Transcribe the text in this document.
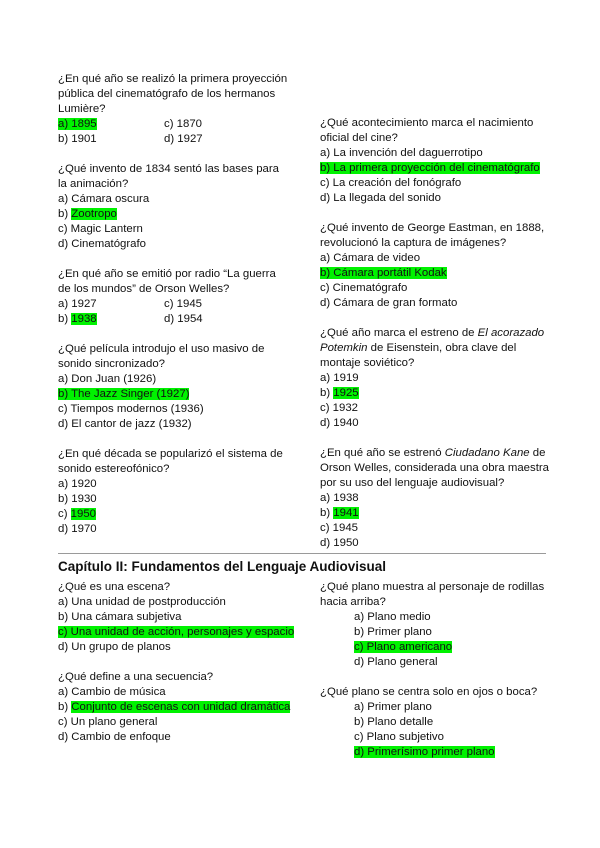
¿En qué año se realizó la primera proyección pública del cinematógrafo de los hermanos Lumière?
a) 1895	c) 1870
b) 1901	d) 1927
¿Qué invento de 1834 sentó las bases para la animación?
a) Cámara oscura
b) Zootropo
c) Magic Lantern
d) Cinematógrafo
¿En qué año se emitió por radio “La guerra de los mundos” de Orson Welles?
a) 1927	c) 1945
b) 1938	d) 1954
¿Qué película introdujo el uso masivo de sonido sincronizado?
a) Don Juan (1926)
b) The Jazz Singer (1927)
c) Tiempos modernos (1936)
d) El cantor de jazz (1932)
¿En qué década se popularizó el sistema de sonido estereofónico?
a) 1920
b) 1930
c) 1950
d) 1970
¿Qué acontecimiento marca el nacimiento oficial del cine?
a) La invención del daguerrotipo
b) La primera proyección del cinematógrafo
c) La creación del fonógrafo
d) La llegada del sonido
¿Qué invento de George Eastman, en 1888, revolucionó la captura de imágenes?
a) Cámara de video
b) Cámara portátil Kodak
c) Cinematógrafo
d) Cámara de gran formato
¿Qué año marca el estreno de El acorazado Potemkin de Eisenstein, obra clave del montaje soviético?
a) 1919
b) 1925
c) 1932
d) 1940
¿En qué año se estrenó Ciudadano Kane de Orson Welles, considerada una obra maestra por su uso del lenguaje audiovisual?
a) 1938
b) 1941
c) 1945
d) 1950
Capítulo II: Fundamentos del Lenguaje Audiovisual
¿Qué es una escena?
a) Una unidad de postproducción
b) Una cámara subjetiva
c) Una unidad de acción, personajes y espacio
d) Un grupo de planos
¿Qué define a una secuencia?
a) Cambio de música
b) Conjunto de escenas con unidad dramática
c) Un plano general
d) Cambio de enfoque
¿Qué plano muestra al personaje de rodillas hacia arriba?
a) Plano medio
b) Primer plano
c) Plano americano
d) Plano general
¿Qué plano se centra solo en ojos o boca?
a) Primer plano
b) Plano detalle
c) Plano subjetivo
d) Primerísimo primer plano
